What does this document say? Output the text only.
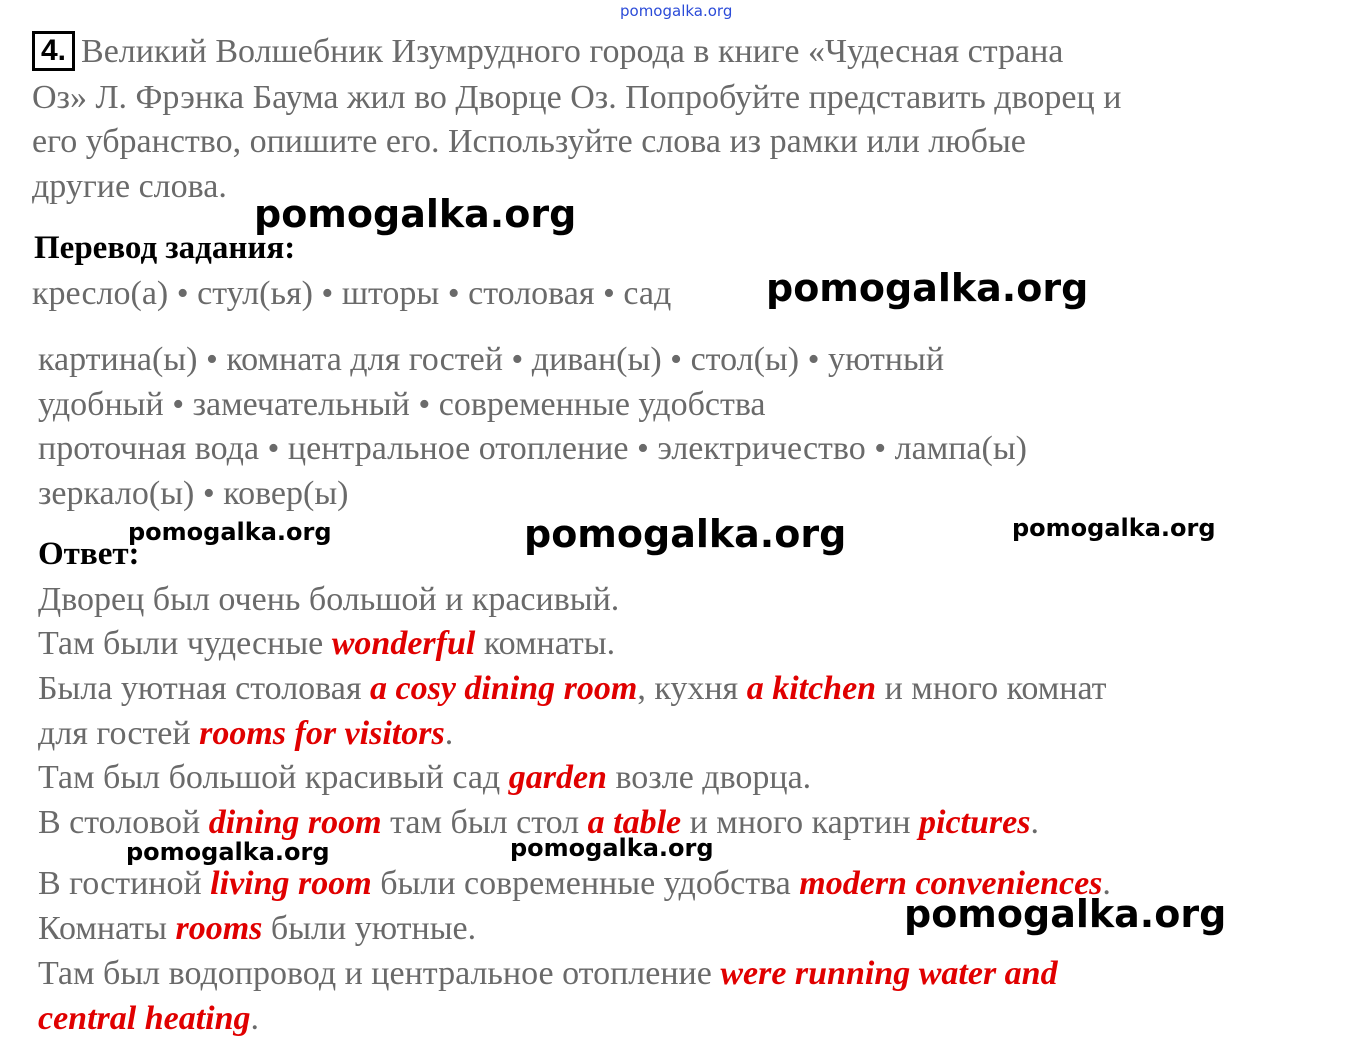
pomogalka.org
4. Великий Волшебник Изумрудного города в книге «Чудесная страна
Оз» Л. Фрэнка Баума жил во Дворце Оз. Попробуйте представить дворец и
его убранство, опишите его. Используйте слова из рамки или любые
другие слова.
pomogalka.org
Перевод задания:
кресло(а) • стул(ья) • шторы • столовая • сад pomogalka.org
картина(ы) • комната для гостей • диван(ы) • стол(ы) • уютный
удобный • замечательный • современные удобства
проточная вода • центральное отопление • электричество • лампа(ы)
зеркало(ы) • ковер(ы)
pomogalka.org	pomogalka.org	pomogalka.org
Ответ:
Дворец был очень большой и красивый.
Там были чудесные wonderful комнаты.
Была уютная столовая a cosy dining room, кухня a kitchen и много комнат
для гостей rooms for visitors.
Там был большой красивый сад garden возле дворца.
В столовой dining room там был стол a table и много картин pictures.
pomogalka.org	pomogalka.org
В гостиной living room были современные удобства modern conveniences.
pomogalka.org
Комнаты rooms были уютные.
Там был водопровод и центральное отопление were running water and
central heating.
